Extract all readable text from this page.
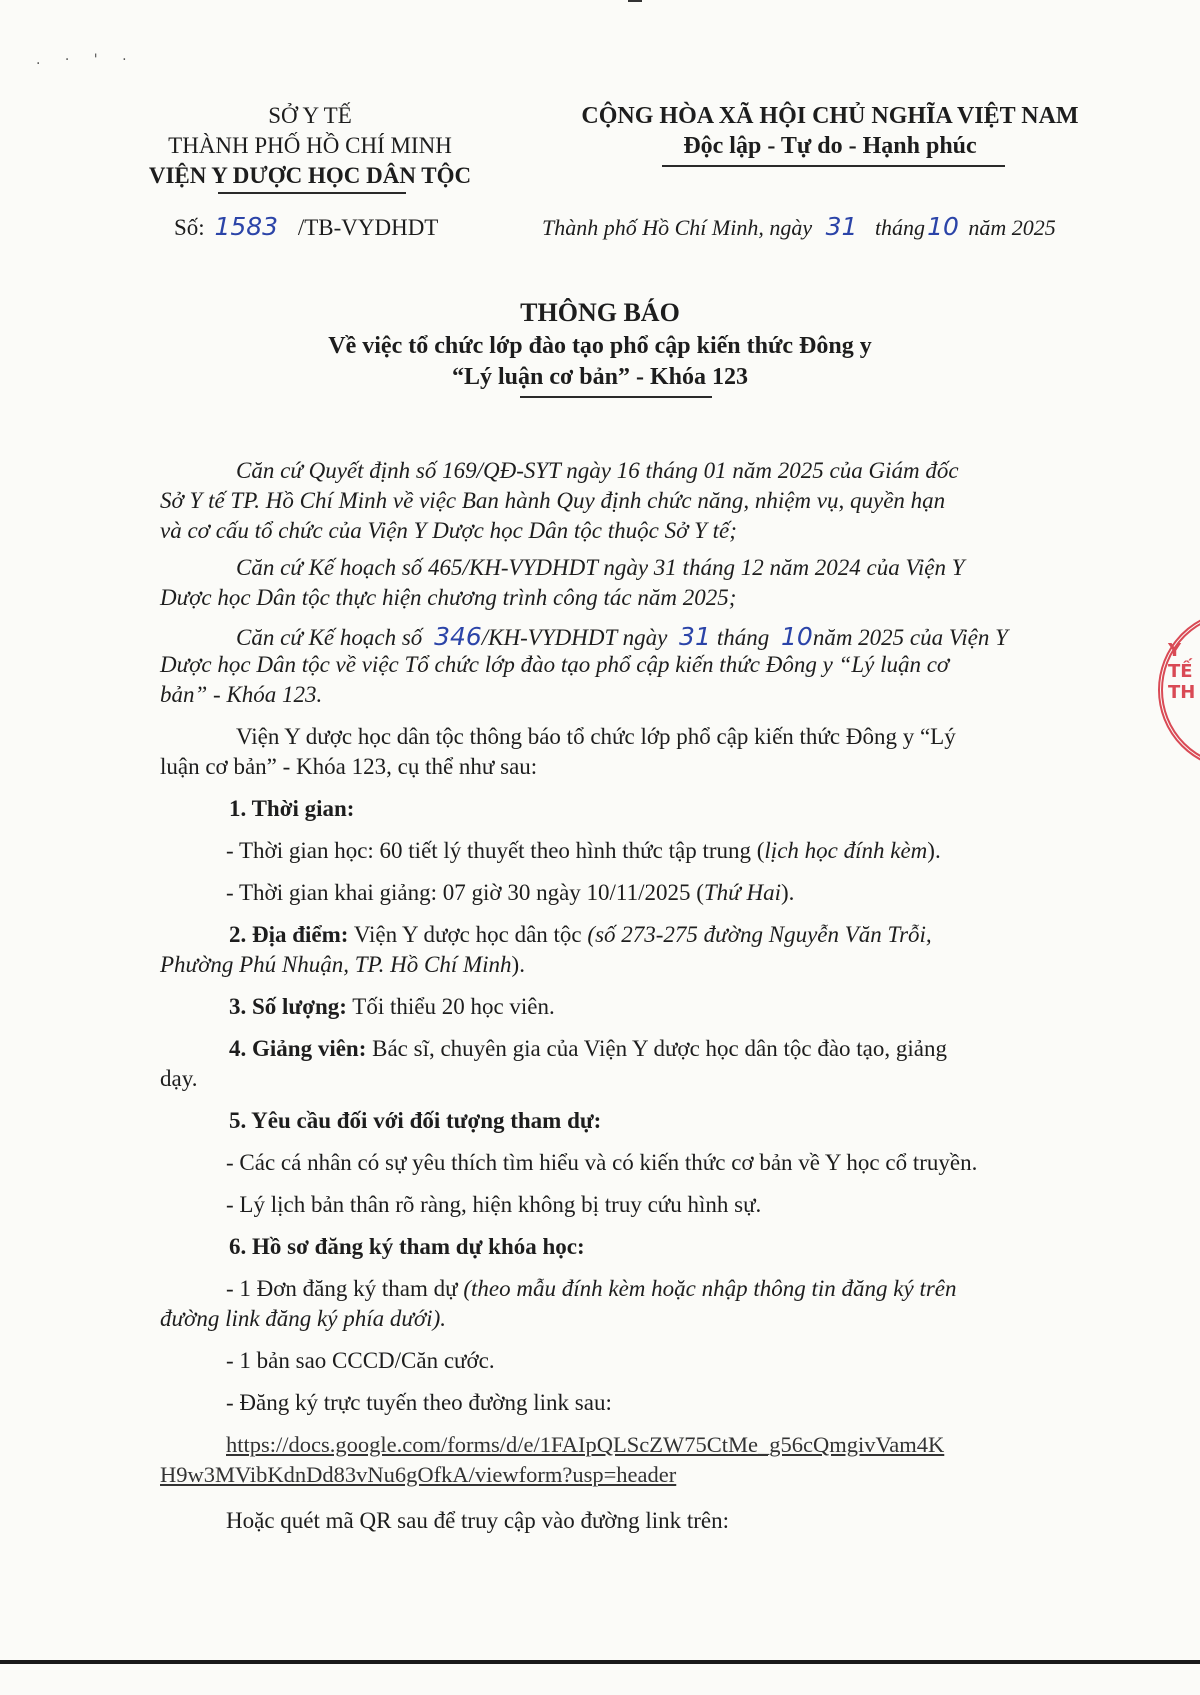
. · ' ·
SỞ Y TẾ
THÀNH PHỐ HỒ CHÍ MINH
VIỆN Y DƯỢC HỌC DÂN TỘC
Số: 1583 /TB-VYDHDT
CỘNG HÒA XÃ HỘI CHỦ NGHĨA VIỆT NAM
Độc lập - Tự do - Hạnh phúc
Thành phố Hồ Chí Minh, ngày 31 tháng10 năm 2025
THÔNG BÁO
Về việc tổ chức lớp đào tạo phổ cập kiến thức Đông y
“Lý luận cơ bản” - Khóa 123
Căn cứ Quyết định số 169/QĐ-SYT ngày 16 tháng 01 năm 2025 của Giám đốc
Sở Y tế TP. Hồ Chí Minh về việc Ban hành Quy định chức năng, nhiệm vụ, quyền hạn
và cơ cấu tổ chức của Viện Y Dược học Dân tộc thuộc Sở Y tế;
Căn cứ Kế hoạch số 465/KH-VYDHDT ngày 31 tháng 12 năm 2024 của Viện Y
Dược học Dân tộc thực hiện chương trình công tác năm 2025;
Căn cứ Kế hoạch số 346/KH-VYDHDT ngày 31 tháng 10năm 2025 của Viện Y
Dược học Dân tộc về việc Tổ chức lớp đào tạo phổ cập kiến thức Đông y “Lý luận cơ
bản” - Khóa 123.
Viện Y dược học dân tộc thông báo tổ chức lớp phổ cập kiến thức Đông y “Lý
luận cơ bản” - Khóa 123, cụ thể như sau:
1. Thời gian:
- Thời gian học: 60 tiết lý thuyết theo hình thức tập trung (lịch học đính kèm).
- Thời gian khai giảng: 07 giờ 30 ngày 10/11/2025 (Thứ Hai).
2. Địa điểm: Viện Y dược học dân tộc (số 273-275 đường Nguyễn Văn Trỗi,
Phường Phú Nhuận, TP. Hồ Chí Minh).
3. Số lượng: Tối thiểu 20 học viên.
4. Giảng viên: Bác sĩ, chuyên gia của Viện Y dược học dân tộc đào tạo, giảng
dạy.
5. Yêu cầu đối với đối tượng tham dự:
- Các cá nhân có sự yêu thích tìm hiểu và có kiến thức cơ bản về Y học cổ truyền.
- Lý lịch bản thân rõ ràng, hiện không bị truy cứu hình sự.
6. Hồ sơ đăng ký tham dự khóa học:
- 1 Đơn đăng ký tham dự (theo mẫu đính kèm hoặc nhập thông tin đăng ký trên
đường link đăng ký phía dưới).
- 1 bản sao CCCD/Căn cước.
- Đăng ký trực tuyến theo đường link sau:
https://docs.google.com/forms/d/e/1FAIpQLScZW75CtMe_g56cQmgivVam4K
H9w3MVibKdnDd83vNu6gOfkA/viewform?usp=header
Hoặc quét mã QR sau để truy cập vào đường link trên:
Y TẾ TH
